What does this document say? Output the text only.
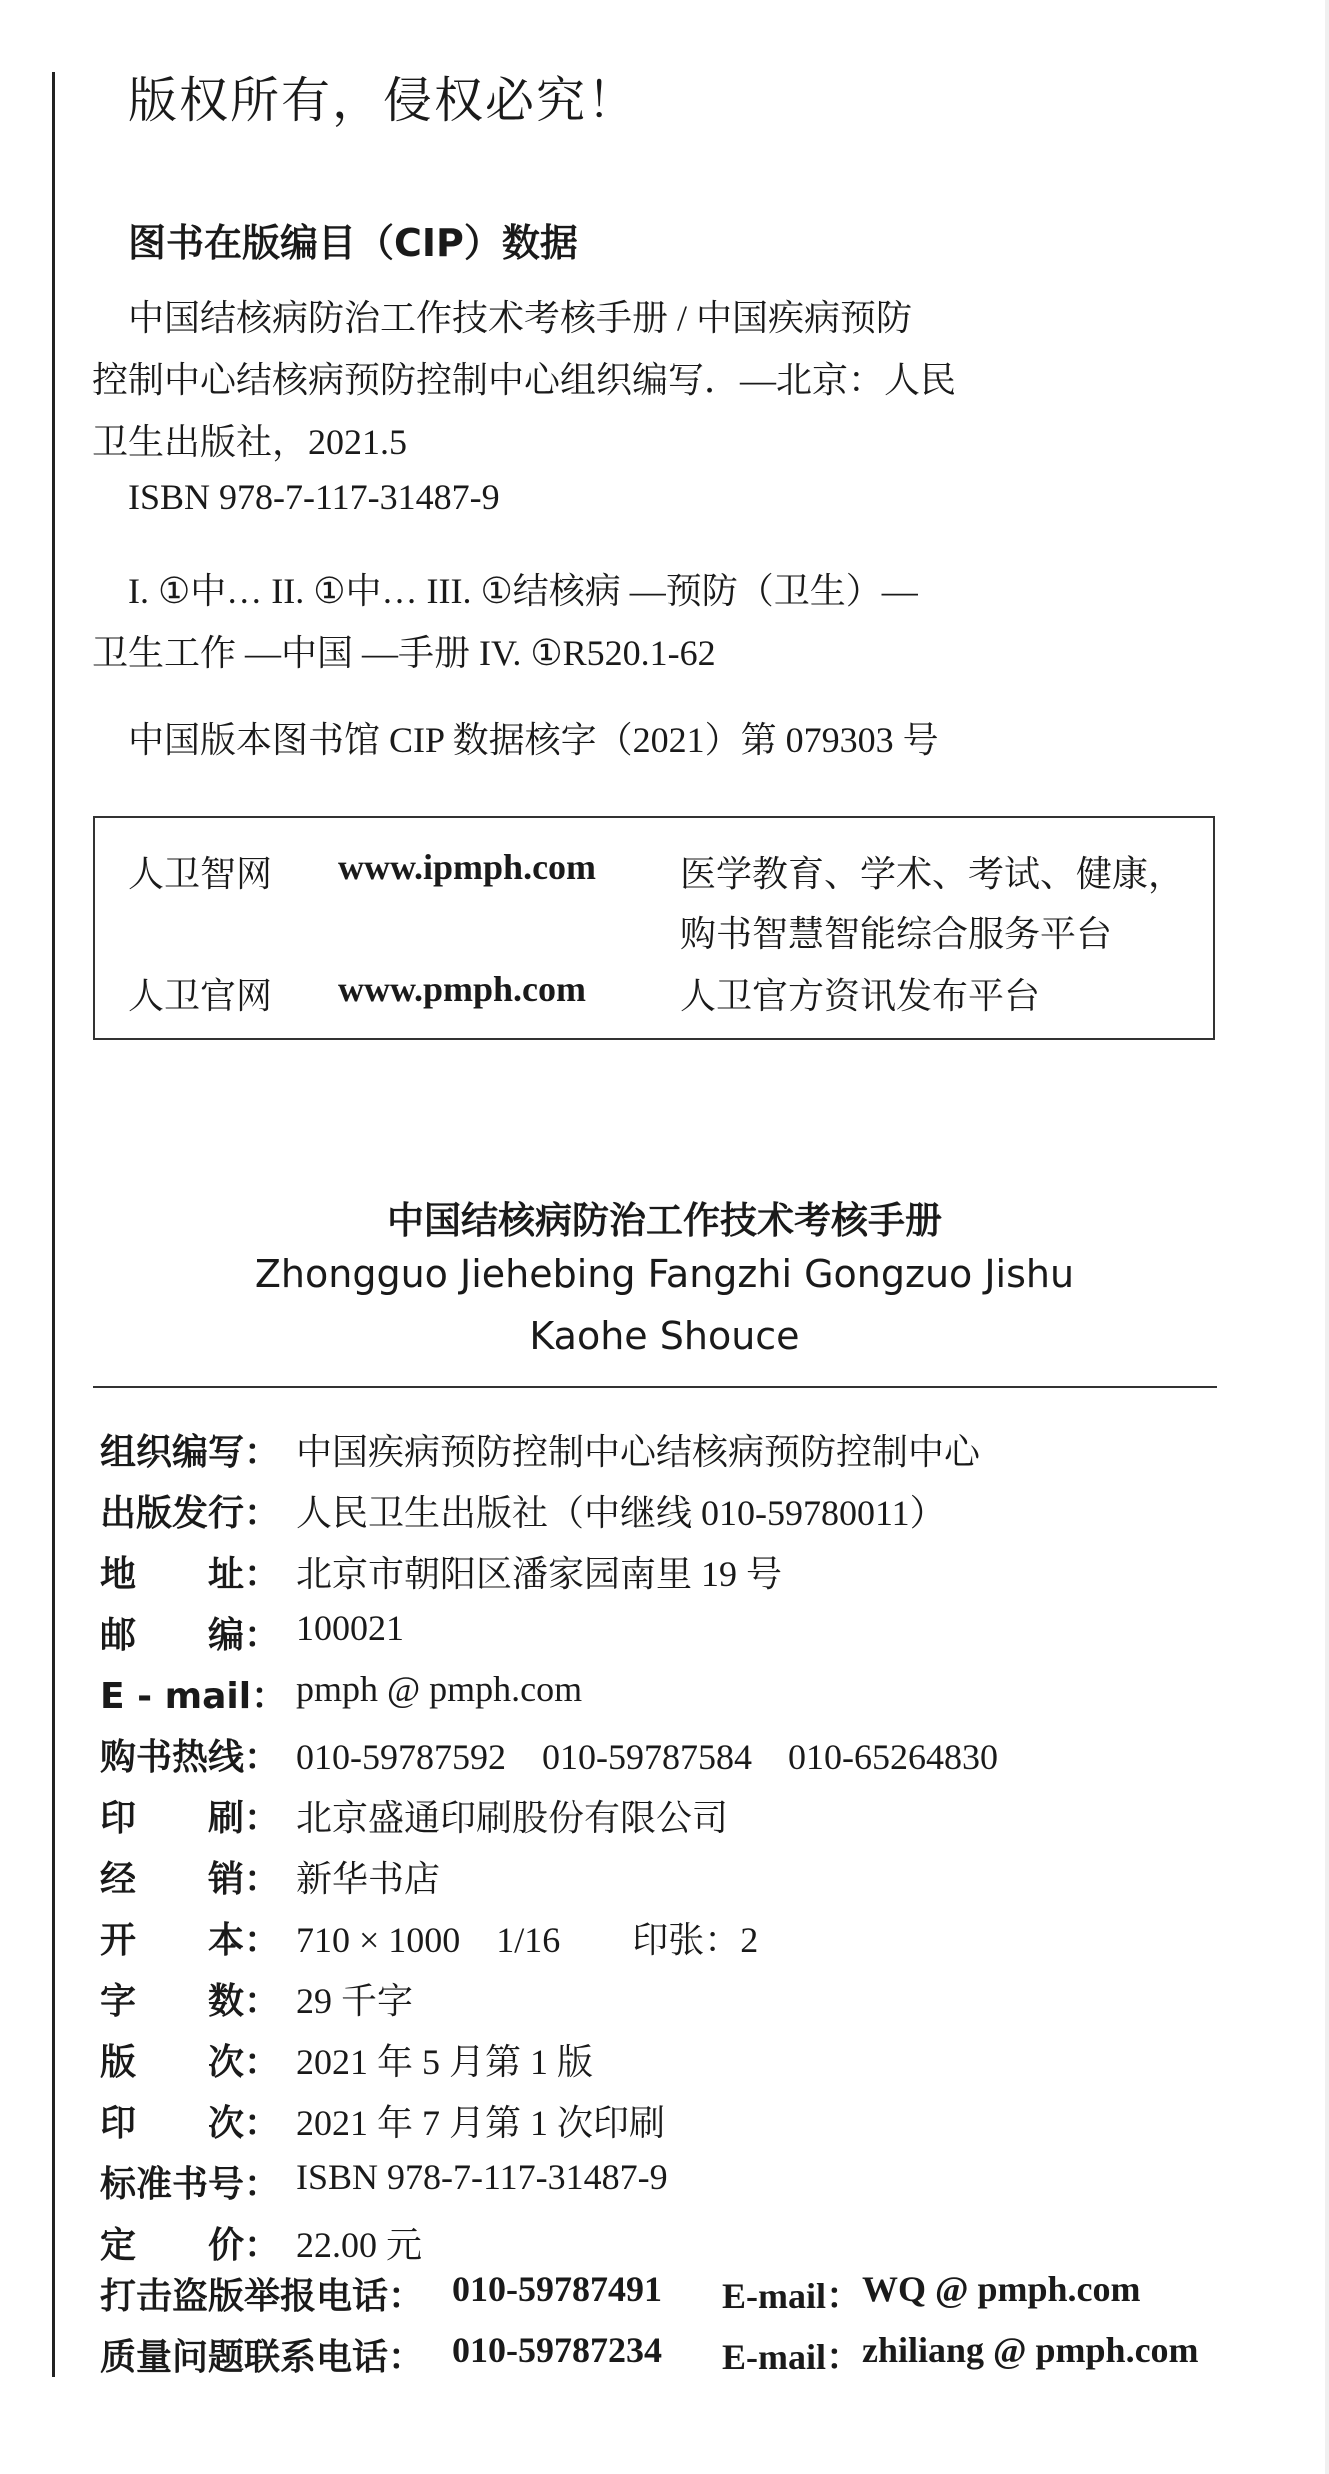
版权所有，侵权必究！
图书在版编目（CIP）数据
中国结核病防治工作技术考核手册 / 中国疾病预防
控制中心结核病预防控制中心组织编写．—北京：人民
卫生出版社，2021.5
ISBN 978-7-117-31487-9
I. ①中… II. ①中… III. ①结核病 —预防（卫生）—
卫生工作 —中国 —手册 IV. ①R520.1-62
中国版本图书馆 CIP 数据核字（2021）第 079303 号
人卫智网 www.ipmph.com 医学教育、学术、考试、健康，
购书智慧智能综合服务平台
人卫官网 www.pmph.com	人卫官方资讯发布平台
中国结核病防治工作技术考核手册
Zhongguo Jiehebing Fangzhi Gongzuo Jishu
Kaohe Shouce
组织编写： 中国疾病预防控制中心结核病预防控制中心
出版发行： 人民卫生出版社（中继线 010-59780011）
地　　址： 北京市朝阳区潘家园南里 19 号
邮　　编： 100021
E - mail： pmph @ pmph.com
购书热线： 010-59787592　010-59787584　010-65264830
印　　刷： 北京盛通印刷股份有限公司
经　　销： 新华书店
开　　本： 710 × 1000　1/16　　印张：2
字　　数： 29 千字
版　　次： 2021 年 5 月第 1 版
印　　次： 2021 年 7 月第 1 次印刷
标准书号： ISBN 978-7-117-31487-9
定　　价： 22.00 元
打击盗版举报电话： 010-59787491 E-mail： WQ @ pmph.com
质量问题联系电话： 010-59787234 E-mail： zhiliang @ pmph.com
